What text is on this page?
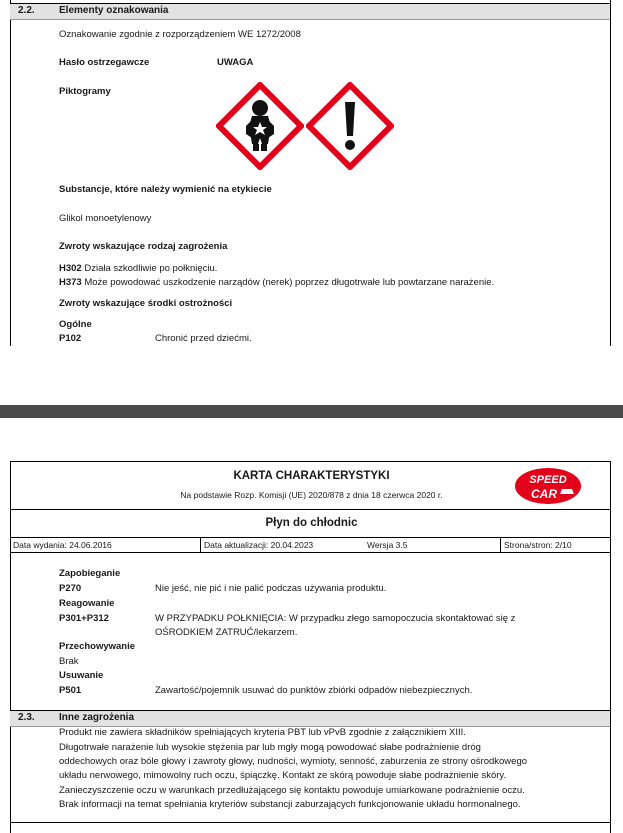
2.2. Elementy oznakowania
Oznakowanie zgodnie z rozporządzeniem WE 1272/2008
Hasło ostrzegawcze	UWAGA
Piktogramy
Substancje, które należy wymienić na etykiecie
Glikol monoetylenowy
Zwroty wskazujące rodzaj zagrożenia
H302 Działa szkodliwie po połknięciu.
H373 Może powodować uszkodzenie narządów (nerek) poprzez długotrwałe lub powtarzane narażenie.
Zwroty wskazujące środki ostrożności
Ogólne
P102	Chronić przed dziećmi.
KARTA CHARAKTERYSTYKI
Na podstawie Rozp. Komisji (UE) 2020/878 z dnia 18 czerwca 2020 r.
SPEED
CAR
Płyn do chłodnic
Data wydania: 24.06.2016	Data aktualizacji: 20.04.2023	Wersja 3.5	Strona/stron: 2/10
Zapobieganie
P270	Nie jeść, nie pić i nie palić podczas używania produktu.
Reagowanie
P301+P312	W PRZYPADKU POŁKNIĘCIA: W przypadku złego samopoczucia skontaktować się z
OŚRODKIEM ZATRUĆ/lekarzem.
Przechowywanie
Brak
Usuwanie
P501	Zawartość/pojemnik usuwać do punktów zbiórki odpadów niebezpiecznych.
2.3. Inne zagrożenia
Produkt nie zawiera składników spełniających kryteria PBT lub vPvB zgodnie z załącznikiem XIII.
Długotrwałe narażenie lub wysokie stężenia par lub mgły mogą powodować słabe podrażnienie dróg
oddechowych oraz bóle głowy i zawroty głowy, nudności, wymioty, senność, zaburzenia ze strony ośrodkowego
układu nerwowego, mimowolny ruch oczu, śpiączkę. Kontakt ze skórą powoduje słabe podrażnienie skóry.
Zanieczyszczenie oczu w warunkach przedłużającego się kontaktu powoduje umiarkowane podrażnienie oczu.
Brak informacji na temat spełniania kryteriów substancji zaburzających funkcjonowanie układu hormonalnego.
